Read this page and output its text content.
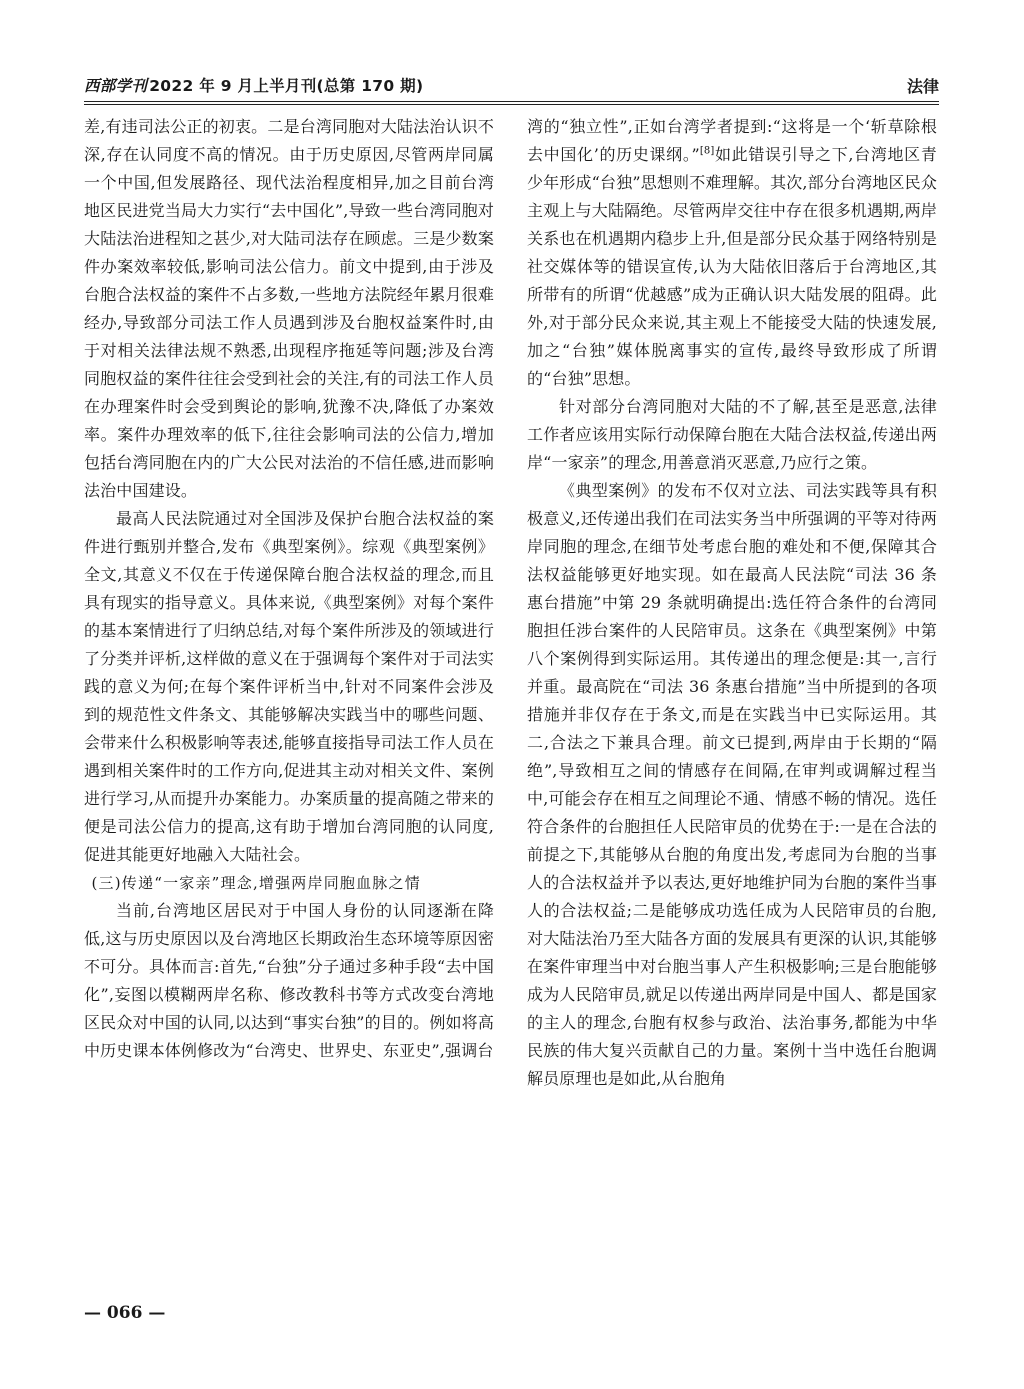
西部学刊 2022 年 9 月上半月刊(总第 170 期)	法律

差,有违司法公正的初衷。二是台湾同胞对大陆法治认识不深,存在认同度不高的情况。由于历史原因,尽管两岸同属一个中国,但发展路径、现代法治程度相异,加之目前台湾地区民进党当局大力实行“去中国化”,导致一些台湾同胞对大陆法治进程知之甚少,对大陆司法存在顾虑。三是少数案件办案效率较低,影响司法公信力。前文中提到,由于涉及台胞合法权益的案件不占多数,一些地方法院经年累月很难经办,导致部分司法工作人员遇到涉及台胞权益案件时,由于对相关法律法规不熟悉,出现程序拖延等问题;涉及台湾同胞权益的案件往往会受到社会的关注,有的司法工作人员在办理案件时会受到舆论的影响,犹豫不决,降低了办案效率。案件办理效率的低下,往往会影响司法的公信力,增加包括台湾同胞在内的广大公民对法治的不信任感,进而影响法治中国建设。

最高人民法院通过对全国涉及保护台胞合法权益的案件进行甄别并整合,发布《典型案例》。综观《典型案例》全文,其意义不仅在于传递保障台胞合法权益的理念,而且具有现实的指导意义。具体来说,《典型案例》对每个案件的基本案情进行了归纳总结,对每个案件所涉及的领域进行了分类并评析,这样做的意义在于强调每个案件对于司法实践的意义为何;在每个案件评析当中,针对不同案件会涉及到的规范性文件条文、其能够解决实践当中的哪些问题、会带来什么积极影响等表述,能够直接指导司法工作人员在遇到相关案件时的工作方向,促进其主动对相关文件、案例进行学习,从而提升办案能力。办案质量的提高随之带来的便是司法公信力的提高,这有助于增加台湾同胞的认同度,促进其能更好地融入大陆社会。

(三)传递“一家亲”理念,增强两岸同胞血脉之情

当前,台湾地区居民对于中国人身份的认同逐渐在降低,这与历史原因以及台湾地区长期政治生态环境等原因密不可分。具体而言:首先,“台独”分子通过多种手段“去中国化”,妄图以模糊两岸名称、修改教科书等方式改变台湾地区民众对中国的认同,以达到“事实台独”的目的。例如将高中历史课本体例修改为“台湾史、世界史、东亚史”,强调台

湾的“独立性”,正如台湾学者提到:“这将是一个‘斩草除根去中国化’的历史课纲。”[8]如此错误引导之下,台湾地区青少年形成“台独”思想则不难理解。其次,部分台湾地区民众主观上与大陆隔绝。尽管两岸交往中存在很多机遇期,两岸关系也在机遇期内稳步上升,但是部分民众基于网络特别是社交媒体等的错误宣传,认为大陆依旧落后于台湾地区,其所带有的所谓“优越感”成为正确认识大陆发展的阻碍。此外,对于部分民众来说,其主观上不能接受大陆的快速发展,加之“台独”媒体脱离事实的宣传,最终导致形成了所谓的“台独”思想。

针对部分台湾同胞对大陆的不了解,甚至是恶意,法律工作者应该用实际行动保障台胞在大陆合法权益,传递出两岸“一家亲”的理念,用善意消灭恶意,乃应行之策。

《典型案例》的发布不仅对立法、司法实践等具有积极意义,还传递出我们在司法实务当中所强调的平等对待两岸同胞的理念,在细节处考虑台胞的难处和不便,保障其合法权益能够更好地实现。如在最高人民法院“司法 36 条惠台措施”中第 29 条就明确提出:选任符合条件的台湾同胞担任涉台案件的人民陪审员。这条在《典型案例》中第八个案例得到实际运用。其传递出的理念便是:其一,言行并重。最高院在“司法 36 条惠台措施”当中所提到的各项措施并非仅存在于条文,而是在实践当中已实际运用。其二,合法之下兼具合理。前文已提到,两岸由于长期的“隔绝”,导致相互之间的情感存在间隔,在审判或调解过程当中,可能会存在相互之间理论不通、情感不畅的情况。选任符合条件的台胞担任人民陪审员的优势在于:一是在合法的前提之下,其能够从台胞的角度出发,考虑同为台胞的当事人的合法权益并予以表达,更好地维护同为台胞的案件当事人的合法权益;二是能够成功选任成为人民陪审员的台胞,对大陆法治乃至大陆各方面的发展具有更深的认识,其能够在案件审理当中对台胞当事人产生积极影响;三是台胞能够成为人民陪审员,就足以传递出两岸同是中国人、都是国家的主人的理念,台胞有权参与政治、法治事务,都能为中华民族的伟大复兴贡献自己的力量。案例十当中选任台胞调解员原理也是如此,从台胞角

— 066 —
